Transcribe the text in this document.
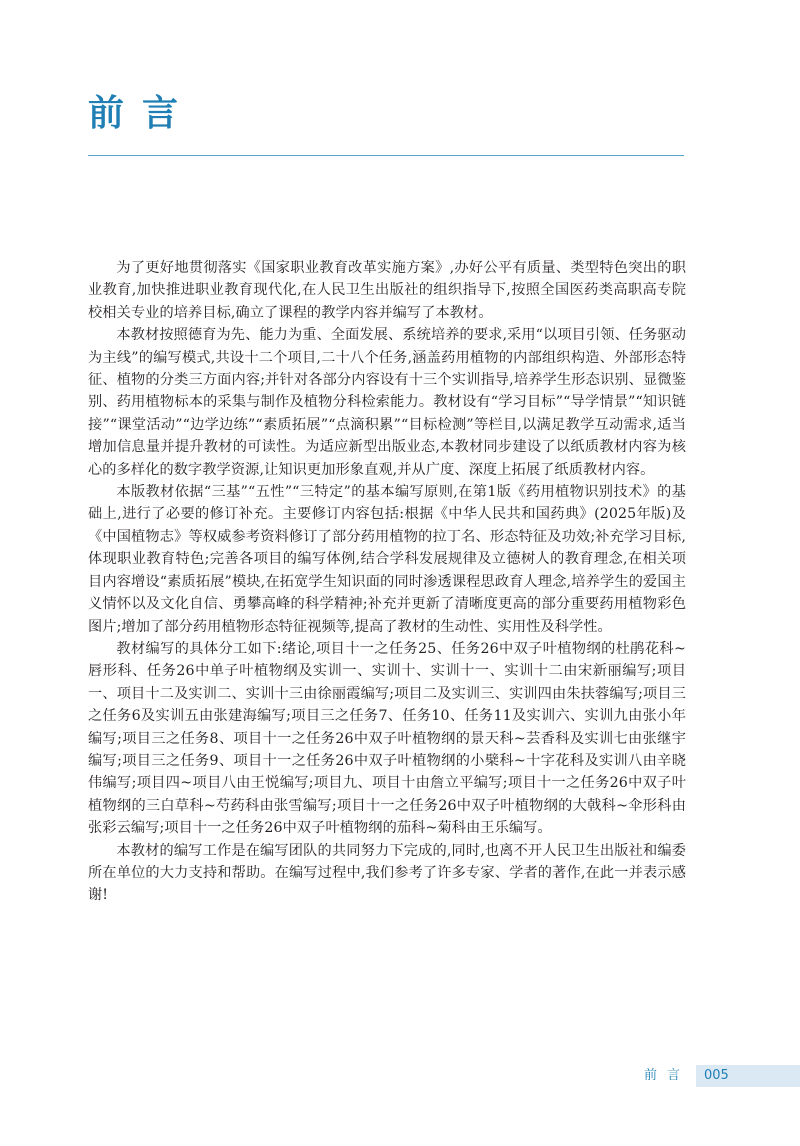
前言

为了更好地贯彻落实《国家职业教育改革实施方案》,办好公平有质量、类型特色突出的职业教育,加快推进职业教育现代化,在人民卫生出版社的组织指导下,按照全国医药类高职高专院校相关专业的培养目标,确立了课程的教学内容并编写了本教材。

本教材按照德育为先、能力为重、全面发展、系统培养的要求,采用“以项目引领、任务驱动为主线”的编写模式,共设十二个项目,二十八个任务,涵盖药用植物的内部组织构造、外部形态特征、植物的分类三方面内容;并针对各部分内容设有十三个实训指导,培养学生形态识别、显微鉴别、药用植物标本的采集与制作及植物分科检索能力。教材设有“学习目标”“导学情景”“知识链接”“课堂活动”“边学边练”“素质拓展”“点滴积累”“目标检测”等栏目,以满足教学互动需求,适当增加信息量并提升教材的可读性。为适应新型出版业态,本教材同步建设了以纸质教材内容为核心的多样化的数字教学资源,让知识更加形象直观,并从广度、深度上拓展了纸质教材内容。

本版教材依据“三基”“五性”“三特定”的基本编写原则,在第1版《药用植物识别技术》的基础上,进行了必要的修订补充。主要修订内容包括:根据《中华人民共和国药典》(2025年版)及《中国植物志》等权威参考资料修订了部分药用植物的拉丁名、形态特征及功效;补充学习目标,体现职业教育特色;完善各项目的编写体例,结合学科发展规律及立德树人的教育理念,在相关项目内容增设“素质拓展”模块,在拓宽学生知识面的同时渗透课程思政育人理念,培养学生的爱国主义情怀以及文化自信、勇攀高峰的科学精神;补充并更新了清晰度更高的部分重要药用植物彩色图片;增加了部分药用植物形态特征视频等,提高了教材的生动性、实用性及科学性。

教材编写的具体分工如下:绪论,项目十一之任务25、任务26中双子叶植物纲的杜鹃花科~唇形科、任务26中单子叶植物纲及实训一、实训十、实训十一、实训十二由宋新丽编写;项目一、项目十二及实训二、实训十三由徐丽霞编写;项目二及实训三、实训四由朱扶蓉编写;项目三之任务6及实训五由张建海编写;项目三之任务7、任务10、任务11及实训六、实训九由张小年编写;项目三之任务8、项目十一之任务26中双子叶植物纲的景天科~芸香科及实训七由张继宇编写;项目三之任务9、项目十一之任务26中双子叶植物纲的小檗科~十字花科及实训八由辛晓伟编写;项目四~项目八由王悦编写;项目九、项目十由詹立平编写;项目十一之任务26中双子叶植物纲的三白草科~芍药科由张雪编写;项目十一之任务26中双子叶植物纲的大戟科~伞形科由张彩云编写;项目十一之任务26中双子叶植物纲的茄科~菊科由王乐编写。

本教材的编写工作是在编写团队的共同努力下完成的,同时,也离不开人民卫生出版社和编委所在单位的大力支持和帮助。在编写过程中,我们参考了许多专家、学者的著作,在此一并表示感谢!

前言 005
